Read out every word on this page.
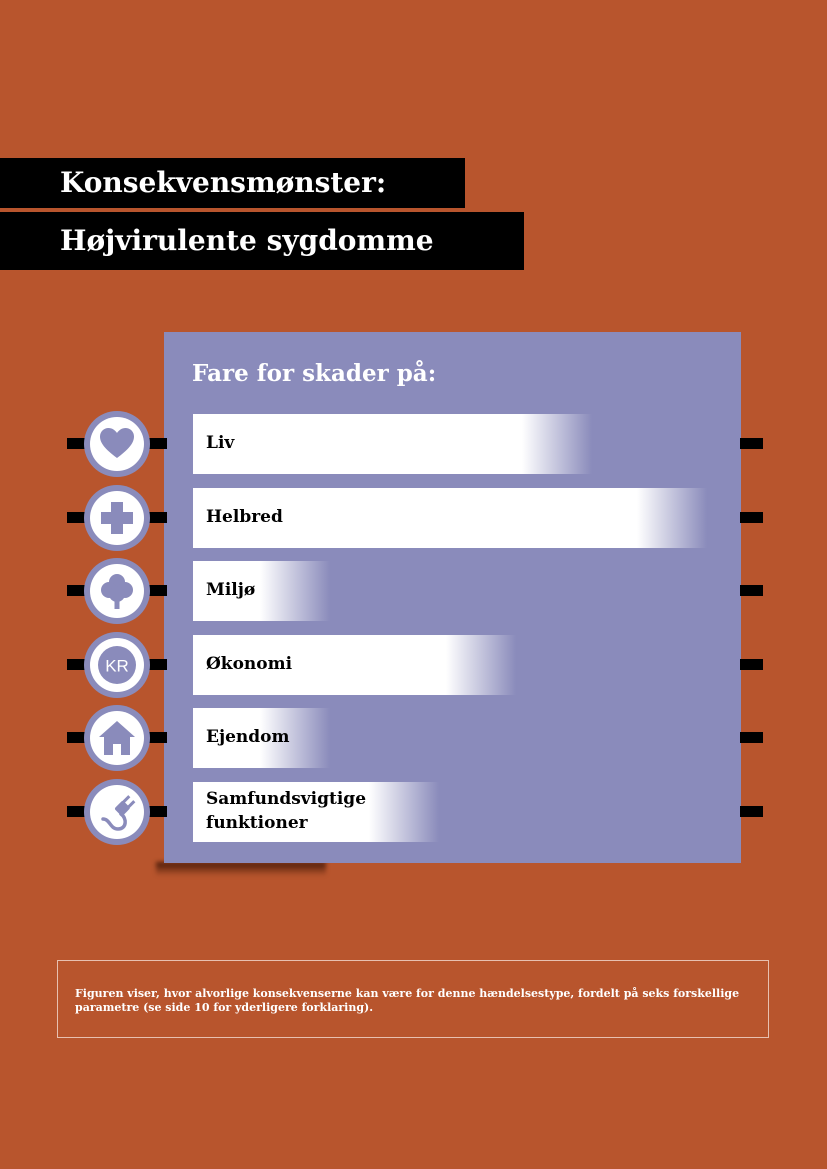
Konsekvensmønster:
Højvirulente sygdomme
Fare for skader på:
Liv
Helbred
Miljø
KR	Økonomi
Ejendom
Samfundsvigtige funktioner
Figuren viser, hvor alvorlige konsekvenserne kan være for denne hændelsestype, fordelt på seks forskellige parametre (se side 10 for yderligere forklaring).
